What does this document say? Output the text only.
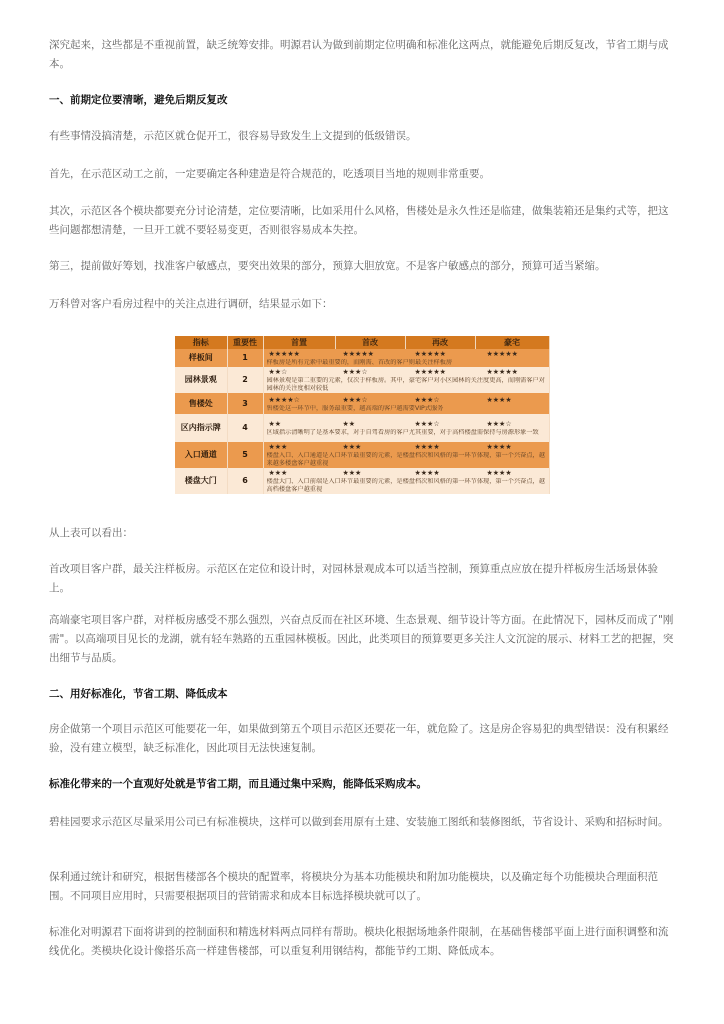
深究起来，这些都是不重视前置，缺乏统筹安排。明源君认为做到前期定位明确和标准化这两点，就能避免后期反复改，节省工期与成本。

一、前期定位要清晰，避免后期反复改

有些事情没搞清楚，示范区就仓促开工，很容易导致发生上文提到的低级错误。

首先，在示范区动工之前，一定要确定各种建造是符合规范的，吃透项目当地的规则非常重要。

其次，示范区各个模块都要充分讨论清楚，定位要清晰，比如采用什么风格，售楼处是永久性还是临建，做集装箱还是集约式等，把这些问题都想清楚，一旦开工就不要轻易变更，否则很容易成本失控。

第三，提前做好筹划，找准客户敏感点，要突出效果的部分，预算大胆放宽。不是客户敏感点的部分，预算可适当紧缩。

万科曾对客户看房过程中的关注点进行调研，结果显示如下：

指标	重要性	首置	首改	再改	豪宅
样板间	1	★★★★★ ★★★★★ ★★★★★ ★★★★★
样板房是所有元素中最重要的，而刚需、首改的客户则最关注样板房			

园林景观	2	★★☆ ★★★☆ ★★★★★ ★★★★★
园林景观是第二重要的元素，仅次于样板房。其中，豪宅客户对小区园林的关注度更高，而刚需客户对园林的关注度相对较低			

售楼处	3	★★★★☆ ★★★☆ ★★★☆ ★★★★
售楼处这一环节中，服务最重要，越高端的客户越需要VIP式服务			

区内指示牌	4	★★ ★★ ★★★☆ ★★★☆
区域指示清晰明了是基本要求，对于自驾看房的客户尤其重要，对于高档楼盘需保持与房源形象一致			

入口通道	5	★★★ ★★★ ★★★★ ★★★★
楼盘入口、入口通道是入口环节最重要的元素，是楼盘档次和风格的第一环节体现，第一个兴奋点，越来越多楼盘客户越重视			

楼盘大门	6	★★★ ★★★ ★★★★ ★★★★
楼盘大门、入口前端是入口环节最重要的元素，是楼盘档次和风格的第一环节体现，第一个兴奋点，越高档楼盘客户越重视			

从上表可以看出：

首改项目客户群，最关注样板房。示范区在定位和设计时，对园林景观成本可以适当控制，预算重点应放在提升样板房生活场景体验上。

高端豪宅项目客户群，对样板房感受不那么强烈，兴奋点反而在社区环境、生态景观、细节设计等方面。在此情况下，园林反而成了"刚需"。以高端项目见长的龙湖，就有轻车熟路的五重园林模板。因此，此类项目的预算要更多关注人文沉淀的展示、材料工艺的把握，突出细节与品质。

二、用好标准化，节省工期、降低成本

房企做第一个项目示范区可能要花一年，如果做到第五个项目示范区还要花一年，就危险了。这是房企容易犯的典型错误：没有积累经验，没有建立模型，缺乏标准化，因此项目无法快速复制。

标准化带来的一个直观好处就是节省工期，而且通过集中采购，能降低采购成本。

碧桂园要求示范区尽量采用公司已有标准模块，这样可以做到套用原有土建、安装施工图纸和装修图纸，节省设计、采购和招标时间。

保利通过统计和研究，根据售楼部各个模块的配置率，将模块分为基本功能模块和附加功能模块，以及确定每个功能模块合理面积范围。不同项目应用时，只需要根据项目的营销需求和成本目标选择模块就可以了。

标准化对明源君下面将讲到的控制面积和精选材料两点同样有帮助。模块化根据场地条件限制，在基础售楼部平面上进行面积调整和流线优化。类模块化设计像搭乐高一样建售楼部，可以重复利用钢结构，都能节约工期、降低成本。
